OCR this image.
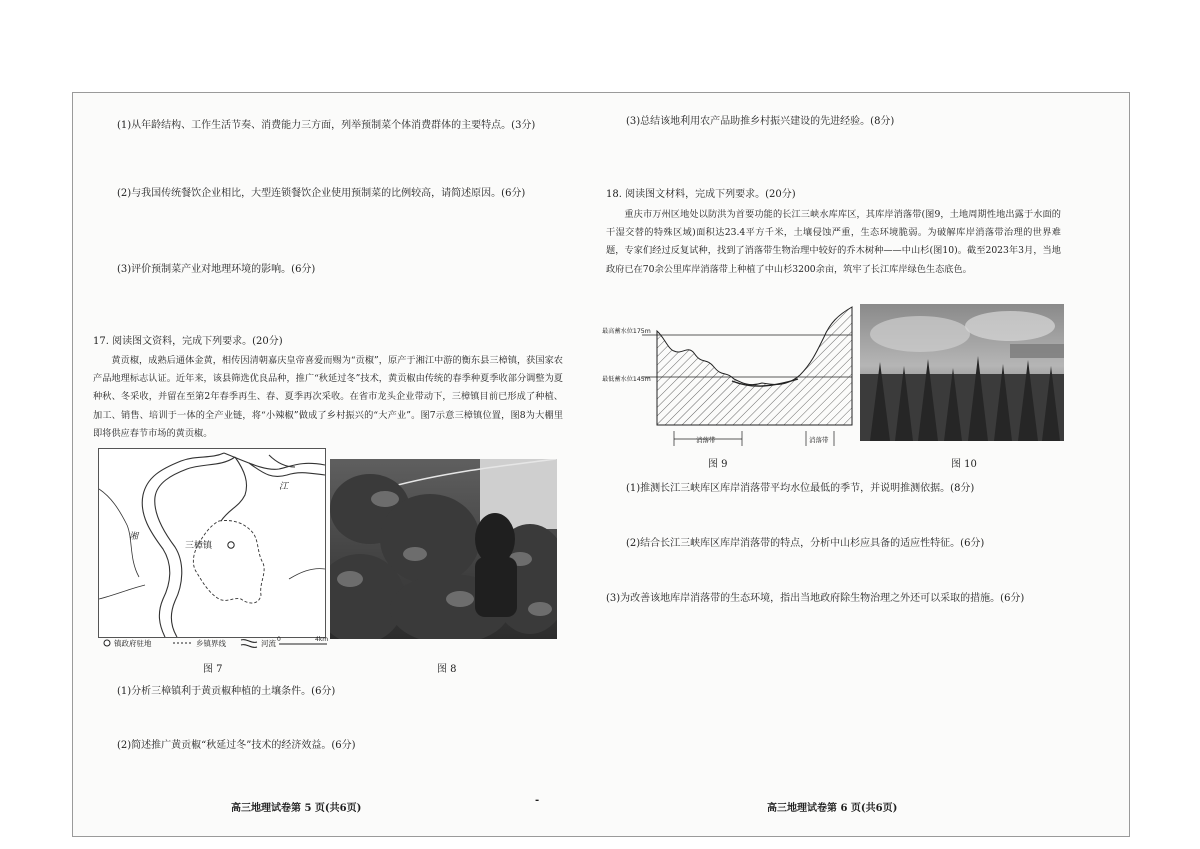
(1)从年龄结构、工作生活节奏、消费能力三方面，列举预制菜个体消费群体的主要特点。(3分)
(2)与我国传统餐饮企业相比，大型连锁餐饮企业使用预制菜的比例较高，请简述原因。(6分)
(3)评价预制菜产业对地理环境的影响。(6分)
17. 阅读图文资料，完成下列要求。(20分)
黄贡椒，成熟后通体金黄，相传因清朝嘉庆皇帝喜爱而赐为“贡椒”，原产于湘江中游的衡东县三樟镇，获国家农产品地理标志认证。近年来，该县筛选优良品种，推广“秋延过冬”技术，黄贡椒由传统的春季种夏季收部分调整为夏种秋、冬采收，并留在至第2年春季再生、春、夏季再次采收。在省市龙头企业带动下，三樟镇目前已形成了种植、加工、销售、培训于一体的全产业链，将“小辣椒”做成了乡村振兴的“大产业”。图7示意三樟镇位置，图8为大棚里即将供应春节市场的黄贡椒。
三樟镇
江
湘
镇政府驻地	乡镇界线	河流 0	4km
图 7	图 8
(1)分析三樟镇利于黄贡椒种植的土壤条件。(6分)
(2)简述推广黄贡椒“秋延过冬”技术的经济效益。(6分)
高三地理试卷第 5 页(共6页)
-
(3)总结该地利用农产品助推乡村振兴建设的先进经验。(8分)
18. 阅读图文材料，完成下列要求。(20分)
重庆市万州区地处以防洪为首要功能的长江三峡水库库区，其库岸消落带(图9，土地周期性地出露于水面的干湿交替的特殊区域)面积达23.4平方千米，土壤侵蚀严重，生态环境脆弱。为破解库岸消落带治理的世界难题，专家们经过反复试种，找到了消落带生物治理中较好的乔木树种——中山杉(图10)。截至2023年3月，当地政府已在70余公里库岸消落带上种植了中山杉3200余亩，筑牢了长江库岸绿色生态底色。
最高蓄水位175m
最低蓄水位145m
消落带	消落带
图 9	图 10
(1)推测长江三峡库区库岸消落带平均水位最低的季节，并说明推测依据。(8分)
(2)结合长江三峡库区库岸消落带的特点，分析中山杉应具备的适应性特征。(6分)
(3)为改善该地库岸消落带的生态环境，指出当地政府除生物治理之外还可以采取的措施。(6分)
高三地理试卷第 6 页(共6页)
